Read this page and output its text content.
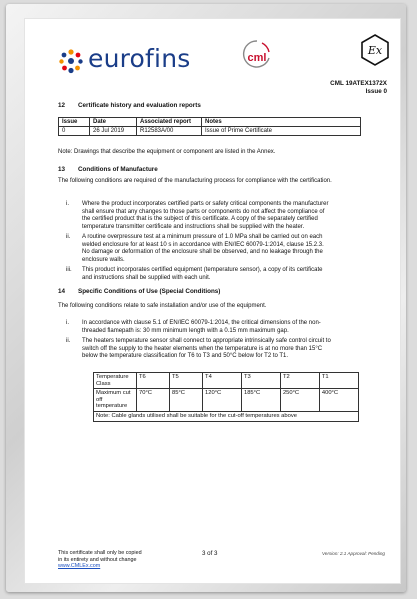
eurofins	cml
Ex
CML 19ATEX1372X
Issue 0
12 Certificate history and evaluation reports
Issue	Date	Associated report	Notes
0	26 Jul 2019	R12583A/00	Issue of Prime Certificate
Note: Drawings that describe the equipment or component are listed in the Annex.
13 Conditions of Manufacture
The following conditions are required of the manufacturing process for compliance with the certification.
i. Where the product incorporates certified parts or safety critical components the manufacturer
shall ensure that any changes to those parts or components do not affect the compliance of
the certified product that is the subject of this certificate. A copy of the separately certified
temperature transmitter certificate and instructions shall be supplied with the heater.
ii. A routine overpressure test at a minimum pressure of 1.0 MPa shall be carried out on each
welded enclosure for at least 10 s in accordance with EN/IEC 60079-1:2014, clause 15.2.3.
No damage or deformation of the enclosure shall be observed, and no leakage through the
enclosure walls.
iii. This product incorporates certified equipment (temperature sensor), a copy of its certificate
and instructions shall be supplied with each unit.
14 Specific Conditions of Use (Special Conditions)
The following conditions relate to safe installation and/or use of the equipment.
i. In accordance with clause 5.1 of EN/IEC 60079-1:2014, the critical dimensions of the non-
threaded flamepath is: 30 mm minimum length with a 0.15 mm maximum gap.
ii. The heaters temperature sensor shall connect to appropriate intrinsically safe control circuit to
switch off the supply to the heater elements when the temperature is at no more than 15°C
below the temperature classification for T6 to T3 and 50°C below for T2 to T1.
Temperature Class	T6	T5	T4	T3	T2	T1
Maximum cut off temperature	70°C	85°C	120°C	185°C	250°C	400°C
Note: Cable glands utilised shall be suitable for the cut-off temperatures above						
This certificate shall only be copied
in its entirety and without change
www.CMLEx.com
3 of 3	Version: 2.1 Approval: Pending
